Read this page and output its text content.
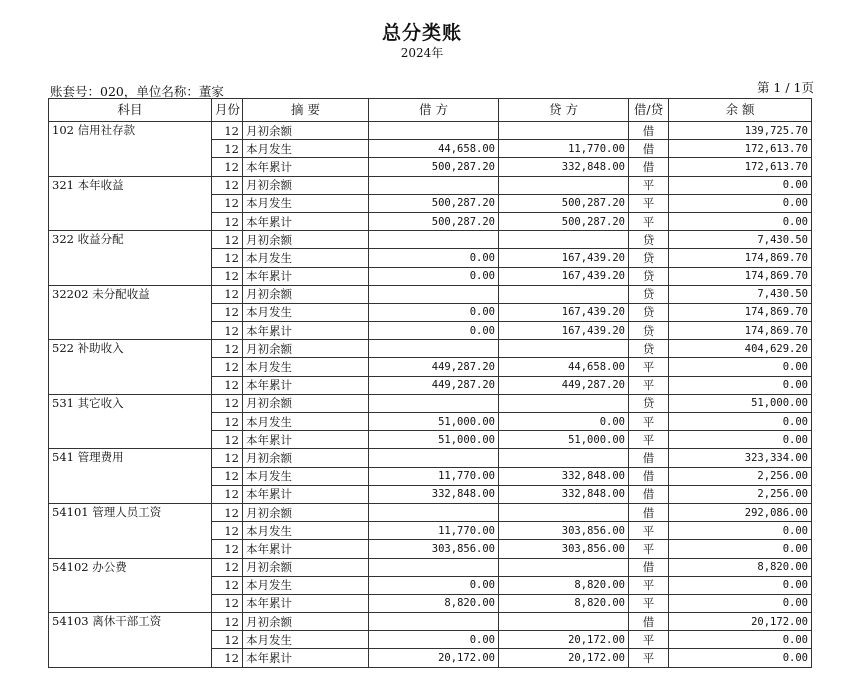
总分类账
2024年
账套号：020，单位名称：董家	第 1 / 1页
科目	月份	摘 要	借 方	贷 方	借/贷	余 额
102 信用社存款	12	月初余额			借	139,725.70
	12	本月发生	44,658.00	11,770.00	借	172,613.70
	12	本年累计	500,287.20	332,848.00	借	172,613.70
321 本年收益	12	月初余额			平	0.00
	12	本月发生	500,287.20	500,287.20	平	0.00
	12	本年累计	500,287.20	500,287.20	平	0.00
322 收益分配	12	月初余额			贷	7,430.50
	12	本月发生	0.00	167,439.20	贷	174,869.70
	12	本年累计	0.00	167,439.20	贷	174,869.70
32202 未分配收益	12	月初余额			贷	7,430.50
	12	本月发生	0.00	167,439.20	贷	174,869.70
	12	本年累计	0.00	167,439.20	贷	174,869.70
522 补助收入	12	月初余额			贷	404,629.20
	12	本月发生	449,287.20	44,658.00	平	0.00
	12	本年累计	449,287.20	449,287.20	平	0.00
531 其它收入	12	月初余额			贷	51,000.00
	12	本月发生	51,000.00	0.00	平	0.00
	12	本年累计	51,000.00	51,000.00	平	0.00
541 管理费用	12	月初余额			借	323,334.00
	12	本月发生	11,770.00	332,848.00	借	2,256.00
	12	本年累计	332,848.00	332,848.00	借	2,256.00
54101 管理人员工资	12	月初余额			借	292,086.00
	12	本月发生	11,770.00	303,856.00	平	0.00
	12	本年累计	303,856.00	303,856.00	平	0.00
54102 办公费	12	月初余额			借	8,820.00
	12	本月发生	0.00	8,820.00	平	0.00
	12	本年累计	8,820.00	8,820.00	平	0.00
54103 离休干部工资	12	月初余额			借	20,172.00
	12	本月发生	0.00	20,172.00	平	0.00
	12	本年累计	20,172.00	20,172.00	平	0.00
